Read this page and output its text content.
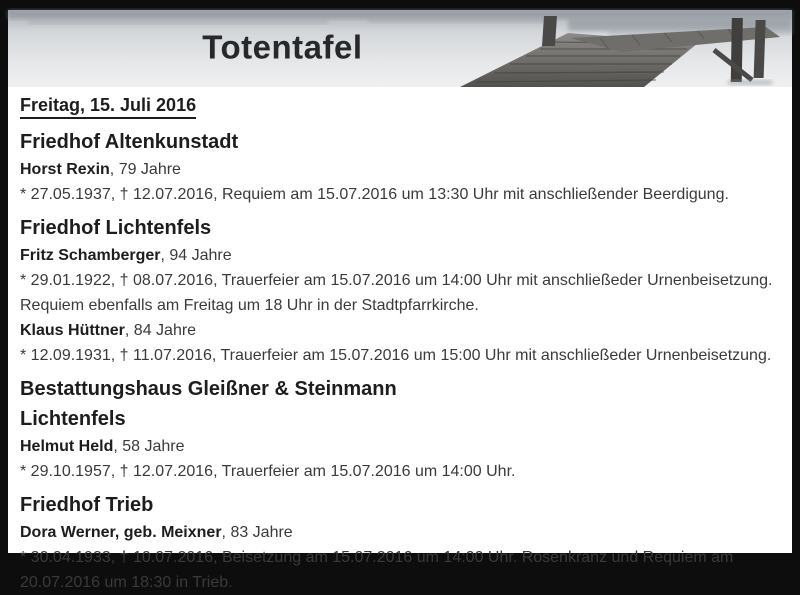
Totentafel
Freitag, 15. Juli 2016
Friedhof Altenkunstadt
Horst Rexin, 79 Jahre
* 27.05.1937, † 12.07.2016, Requiem am 15.07.2016 um 13:30 Uhr mit anschließender Beerdigung.
Friedhof Lichtenfels
Fritz Schamberger, 94 Jahre
* 29.01.1922, † 08.07.2016, Trauerfeier am 15.07.2016 um 14:00 Uhr mit anschließeder Urnenbeisetzung.
Requiem ebenfalls am Freitag um 18 Uhr in der Stadtpfarrkirche.
Klaus Hüttner, 84 Jahre
* 12.09.1931, † 11.07.2016, Trauerfeier am 15.07.2016 um 15:00 Uhr mit anschließeder Urnenbeisetzung.
Bestattungshaus Gleißner & Steinmann
Lichtenfels
Helmut Held, 58 Jahre
* 29.10.1957, † 12.07.2016, Trauerfeier am 15.07.2016 um 14:00 Uhr.
Friedhof Trieb
Dora Werner, geb. Meixner, 83 Jahre
* 30.04.1933, † 10.07.2016, Beisetzung am 15.07.2016 um 14:00 Uhr. Rosenkranz und Requiem am
20.07.2016 um 18:30 in Trieb.
